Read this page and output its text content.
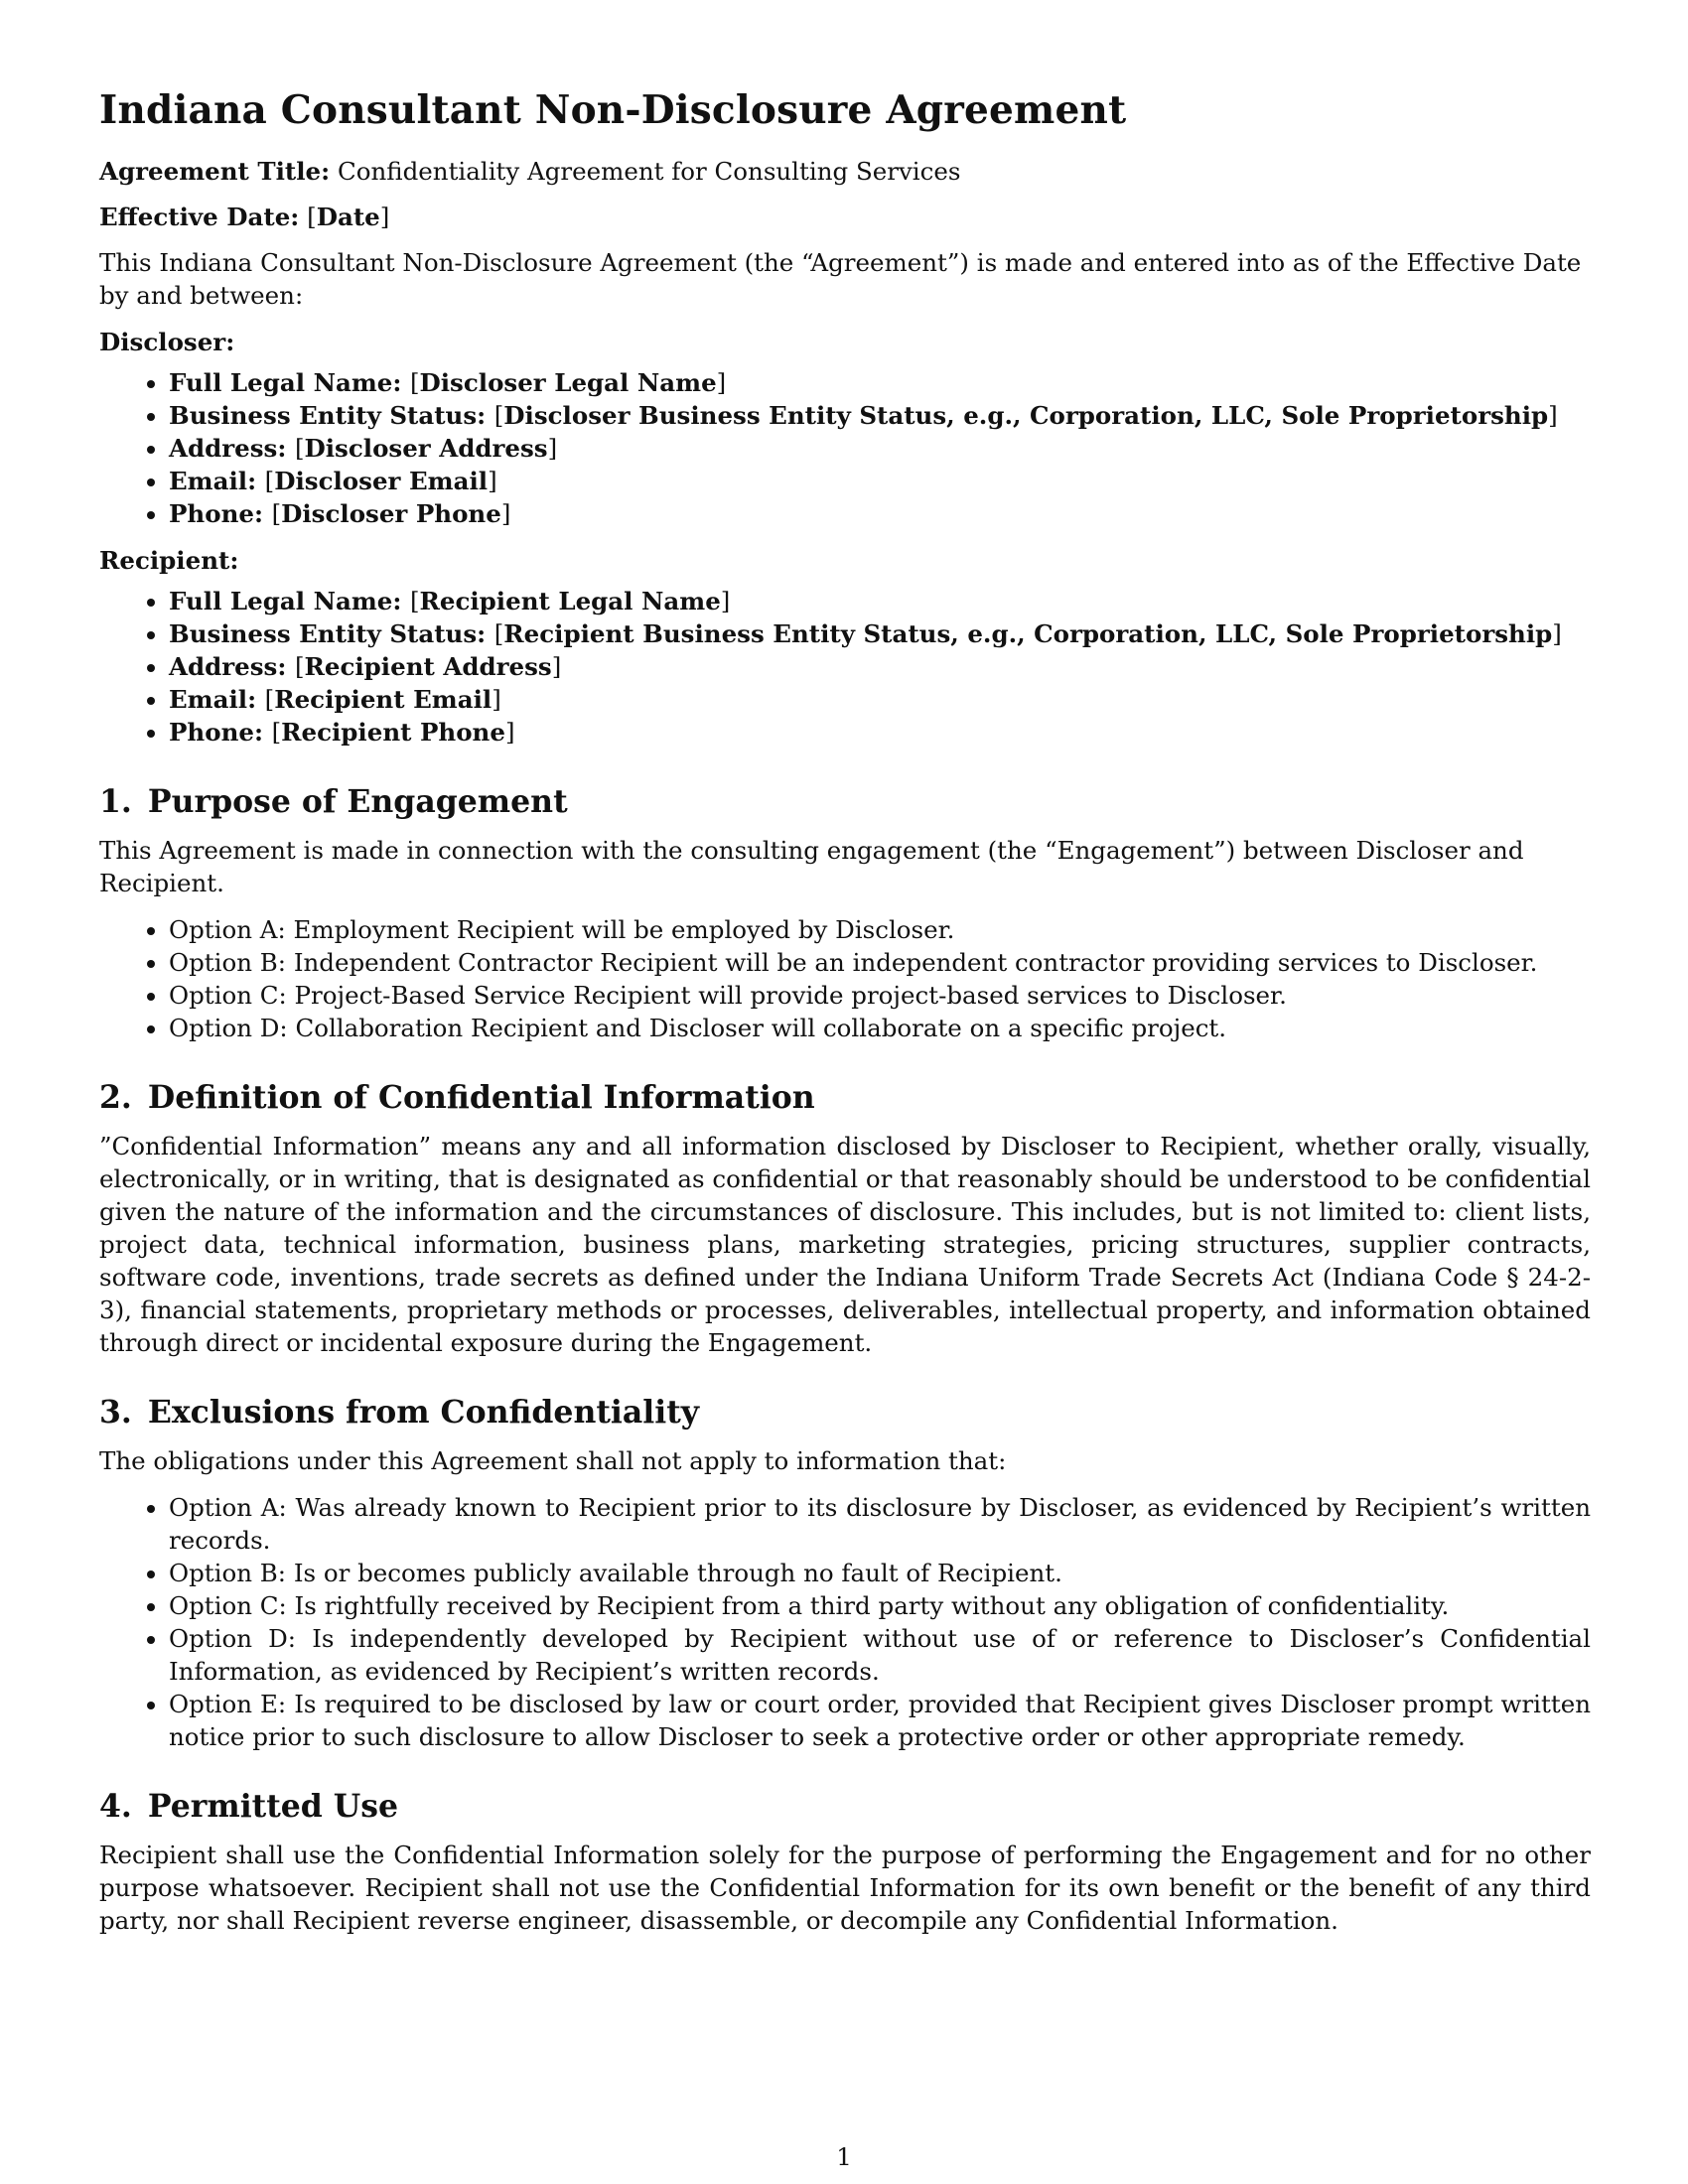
Indiana Consultant Non-Disclosure Agreement

Agreement Title: Confidentiality Agreement for Consulting Services

Effective Date: [Date]

This Indiana Consultant Non-Disclosure Agreement (the “Agreement”) is made and entered into as of the Effective Date by and between:

Discloser:
• Full Legal Name: [Discloser Legal Name]
• Business Entity Status: [Discloser Business Entity Status, e.g., Corporation, LLC, Sole Proprietorship]
• Address: [Discloser Address]
• Email: [Discloser Email]
• Phone: [Discloser Phone]
Recipient:
• Full Legal Name: [Recipient Legal Name]
• Business Entity Status: [Recipient Business Entity Status, e.g., Corporation, LLC, Sole Proprietorship]
• Address: [Recipient Address]
• Email: [Recipient Email]
• Phone: [Recipient Phone]
1. Purpose of Engagement

This Agreement is made in connection with the consulting engagement (the “Engagement”) between Discloser and Recipient.

• Option A: Employment Recipient will be employed by Discloser.
• Option B: Independent Contractor Recipient will be an independent contractor providing services to Discloser.
• Option C: Project-Based Service Recipient will provide project-based services to Discloser.
• Option D: Collaboration Recipient and Discloser will collaborate on a specific project.
2. Definition of Confidential Information

”Confidential Information” means any and all information disclosed by Discloser to Recipient, whether orally, visually, electronically, or in writing, that is designated as confidential or that reasonably should be understood to be confidential given the nature of the information and the circumstances of disclosure. This includes, but is not limited to: client lists, project data, technical information, business plans, marketing strategies, pricing structures, supplier contracts, software code, inventions, trade secrets as defined under the Indiana Uniform Trade Secrets Act (Indiana Code § 24-2-3), financial statements, proprietary methods or processes, deliverables, intellectual property, and information obtained through direct or incidental exposure during the Engagement.

3. Exclusions from Confidentiality

The obligations under this Agreement shall not apply to information that:

• Option A: Was already known to Recipient prior to its disclosure by Discloser, as evidenced by Recipient’s written records.
• Option B: Is or becomes publicly available through no fault of Recipient.
• Option C: Is rightfully received by Recipient from a third party without any obligation of confidentiality.
• Option D: Is independently developed by Recipient without use of or reference to Discloser’s Confidential Information, as evidenced by Recipient’s written records.
• Option E: Is required to be disclosed by law or court order, provided that Recipient gives Discloser prompt written notice prior to such disclosure to allow Discloser to seek a protective order or other appropriate remedy.
4. Permitted Use

Recipient shall use the Confidential Information solely for the purpose of performing the Engagement and for no other purpose whatsoever. Recipient shall not use the Confidential Information for its own benefit or the benefit of any third party, nor shall Recipient reverse engineer, disassemble, or decompile any Confidential Information.

1
